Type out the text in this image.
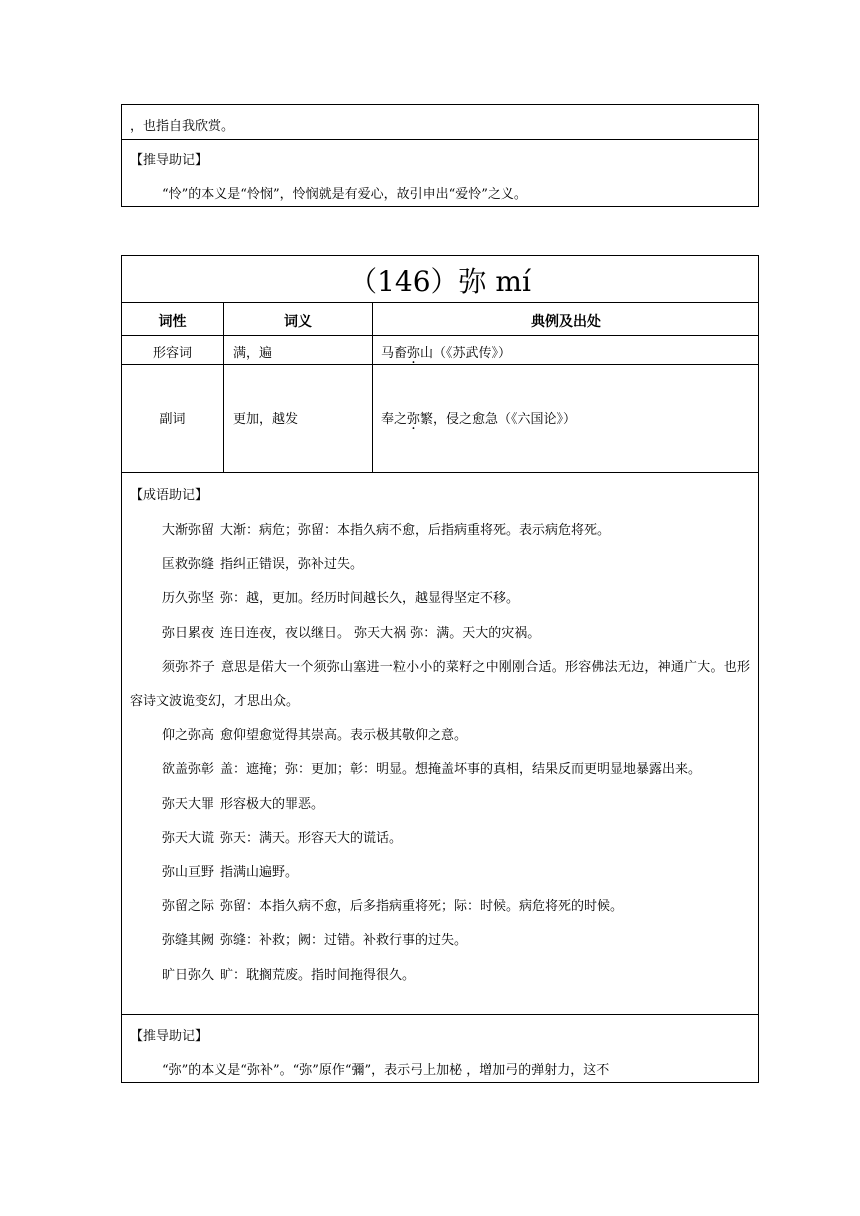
，也指自我欣赏。
【推导助记】
“怜”的本义是“怜悯”，怜悯就是有爱心，故引申出“爱怜”之义。
（146）弥 mí
词性	词义	典例及出处
形容词	满，遍	马畜弥山（《苏武传》）
副词	更加，越发	奉之弥繁，侵之愈急（《六国论》）
【成语助记】
大渐弥留 大渐：病危；弥留：本指久病不愈，后指病重将死。表示病危将死。
匡救弥缝 指纠正错误，弥补过失。
历久弥坚 弥：越，更加。经历时间越长久，越显得坚定不移。
弥日累夜 连日连夜，夜以继日。 弥天大祸 弥：满。天大的灾祸。
须弥芥子 意思是偌大一个须弥山塞进一粒小小的菜籽之中刚刚合适。形容佛法无边，神通广大。也形容诗文波诡变幻，才思出众。
仰之弥高 愈仰望愈觉得其崇高。表示极其敬仰之意。
欲盖弥彰 盖：遮掩；弥：更加；彰：明显。想掩盖坏事的真相，结果反而更明显地暴露出来。
弥天大罪 形容极大的罪恶。
弥天大谎 弥天：满天。形容天大的谎话。
弥山亘野 指满山遍野。
弥留之际 弥留：本指久病不愈，后多指病重将死；际：时候。病危将死的时候。
弥缝其阙 弥缝：补救；阙：过错。补救行事的过失。
旷日弥久 旷：耽搁荒废。指时间拖得很久。
【推导助记】
“弥”的本义是“弥补”。“弥”原作“彌”，表示弓上加柲 ，增加弓的弹射力，这不
